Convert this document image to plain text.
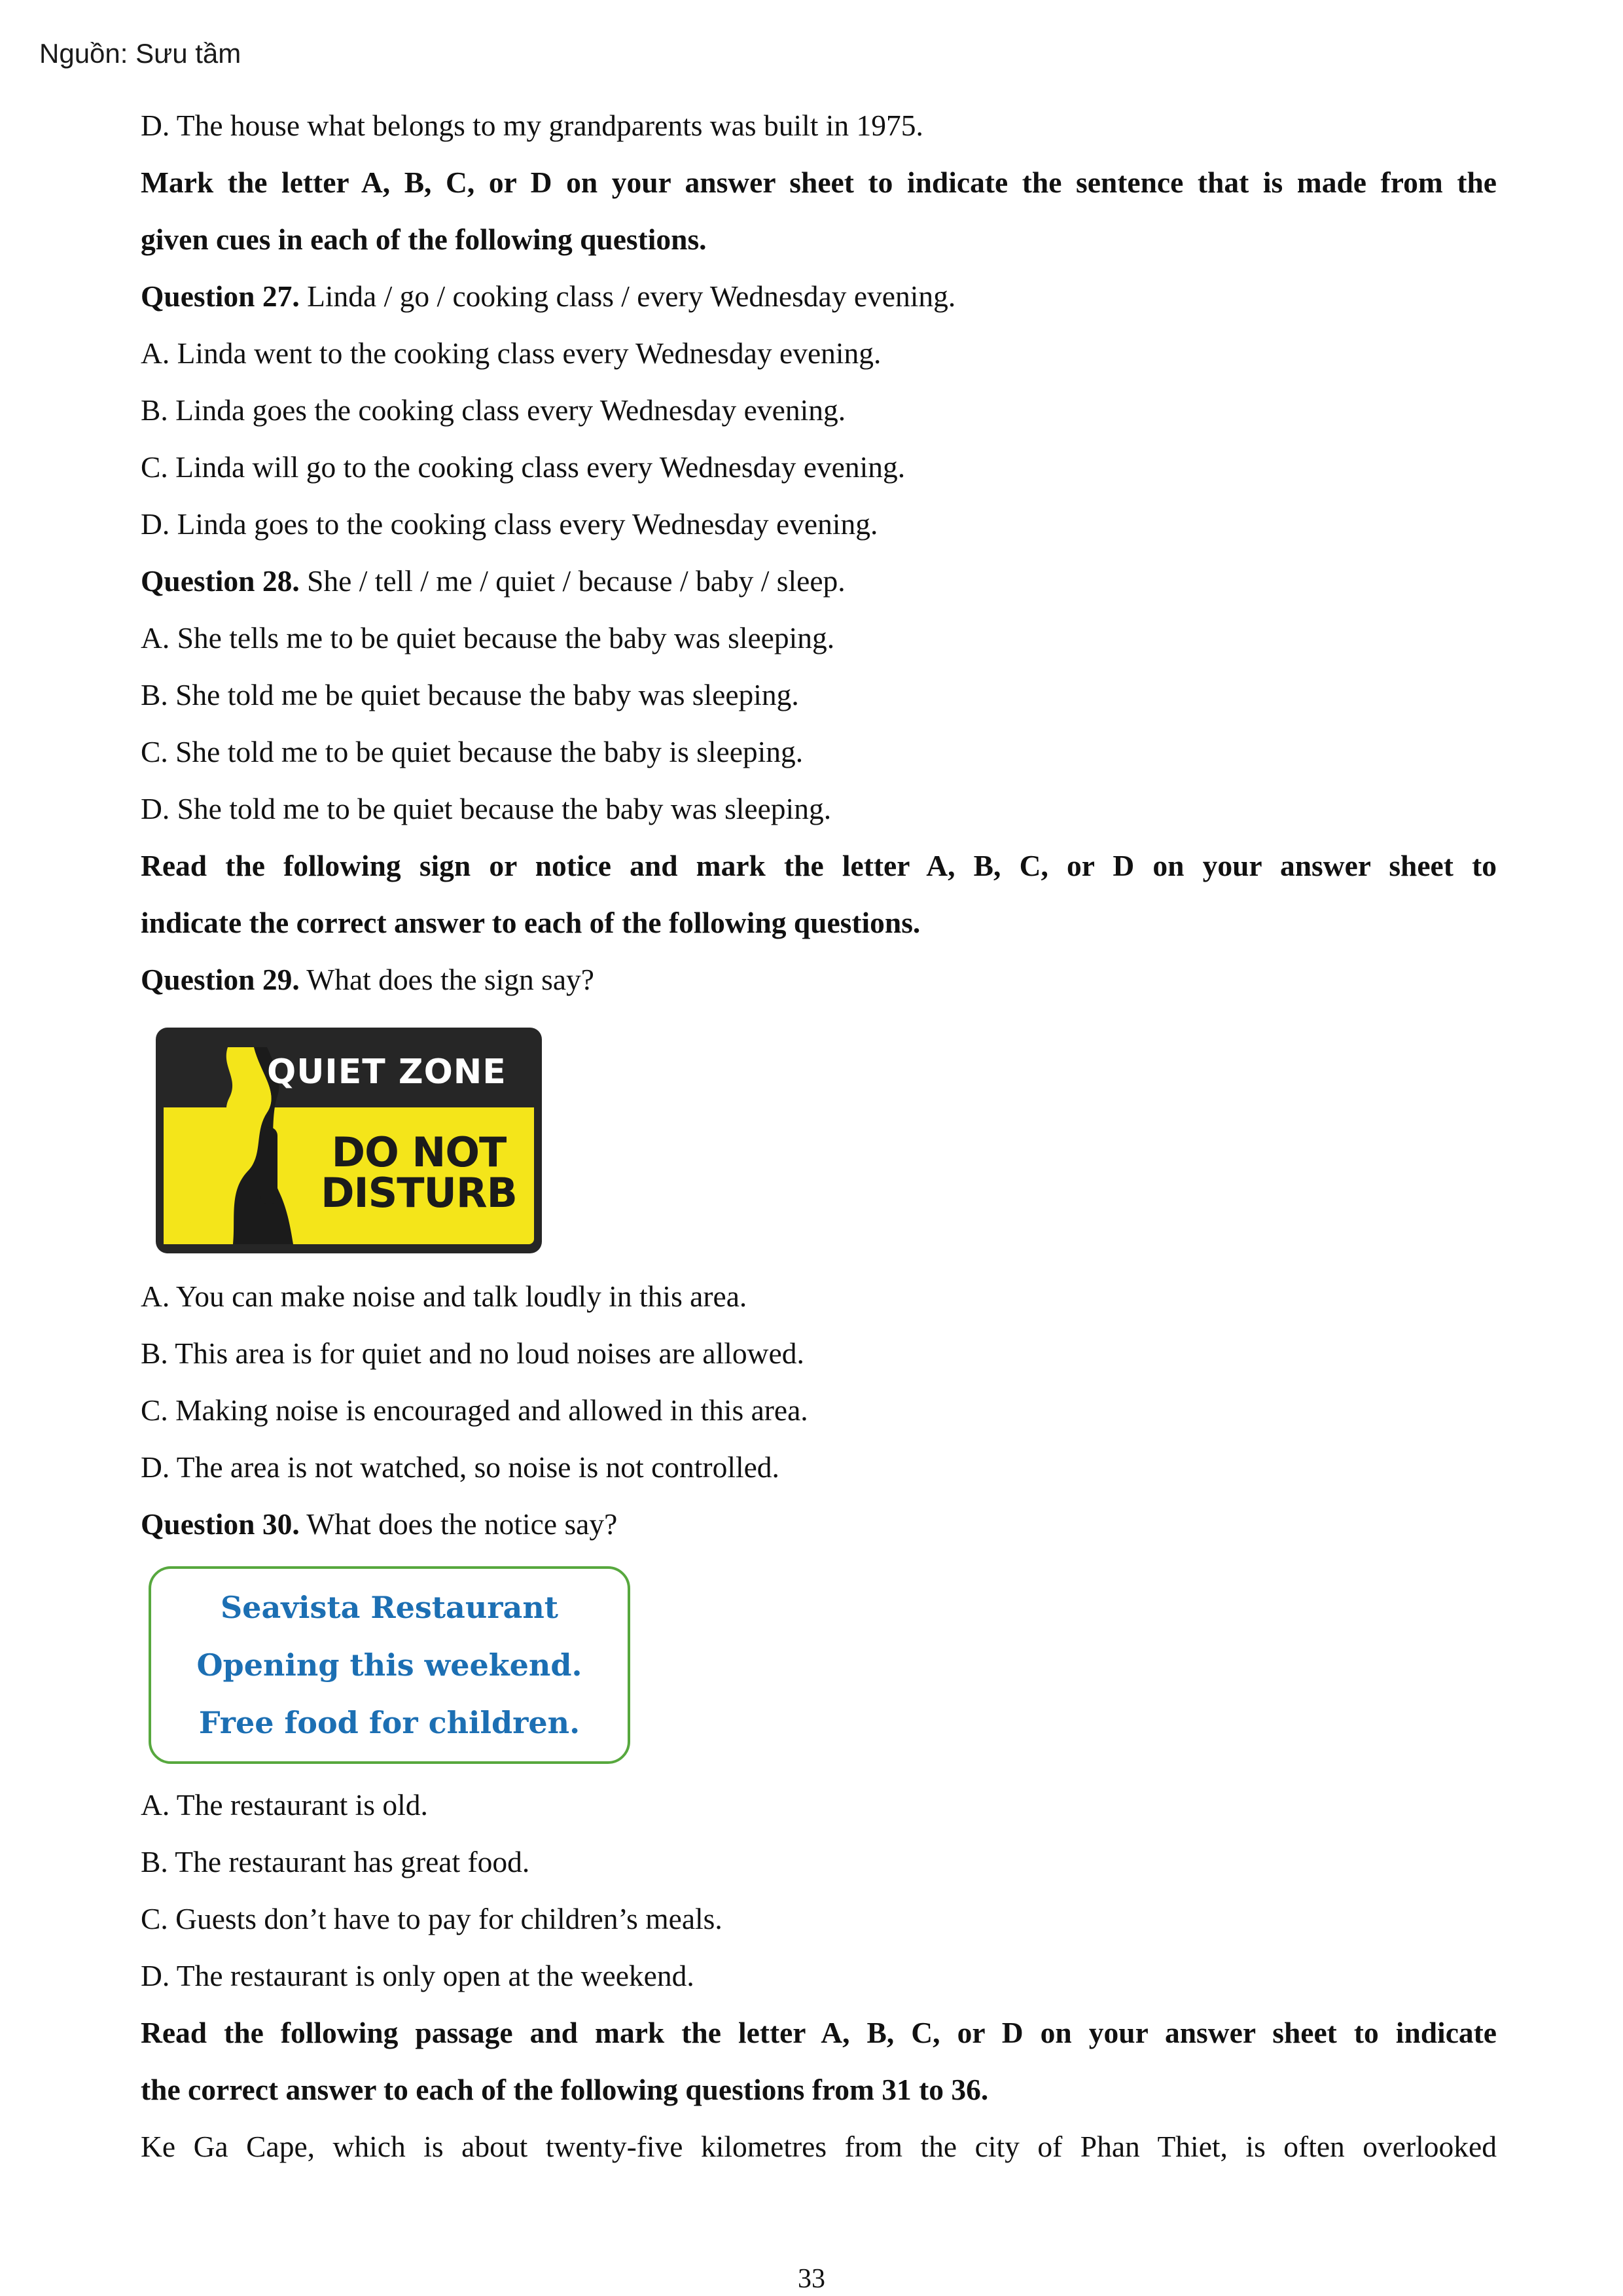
Nguồn: Sưu tầm
D. The house what belongs to my grandparents was built in 1975.
Mark the letter A, B, C, or D on your answer sheet to indicate the sentence that is made from the
given cues in each of the following questions.
Question 27. Linda / go / cooking class / every Wednesday evening.
A. Linda went to the cooking class every Wednesday evening.
B. Linda goes the cooking class every Wednesday evening.
C. Linda will go to the cooking class every Wednesday evening.
D. Linda goes to the cooking class every Wednesday evening.
Question 28. She / tell / me / quiet / because / baby / sleep.
A. She tells me to be quiet because the baby was sleeping.
B. She told me be quiet because the baby was sleeping.
C. She told me to be quiet because the baby is sleeping.
D. She told me to be quiet because the baby was sleeping.
Read the following sign or notice and mark the letter A, B, C, or D on your answer sheet to
indicate the correct answer to each of the following questions.
Question 29. What does the sign say?
QUIET ZONE
DO NOT
DISTURB
A. You can make noise and talk loudly in this area.
B. This area is for quiet and no loud noises are allowed.
C. Making noise is encouraged and allowed in this area.
D. The area is not watched, so noise is not controlled.
Question 30. What does the notice say?
Seavista Restaurant
Opening this weekend.
Free food for children.
A. The restaurant is old.
B. The restaurant has great food.
C. Guests don’t have to pay for children’s meals.
D. The restaurant is only open at the weekend.
Read the following passage and mark the letter A, B, C, or D on your answer sheet to indicate
the correct answer to each of the following questions from 31 to 36.
Ke Ga Cape, which is about twenty-five kilometres from the city of Phan Thiet, is often overlooked
33
